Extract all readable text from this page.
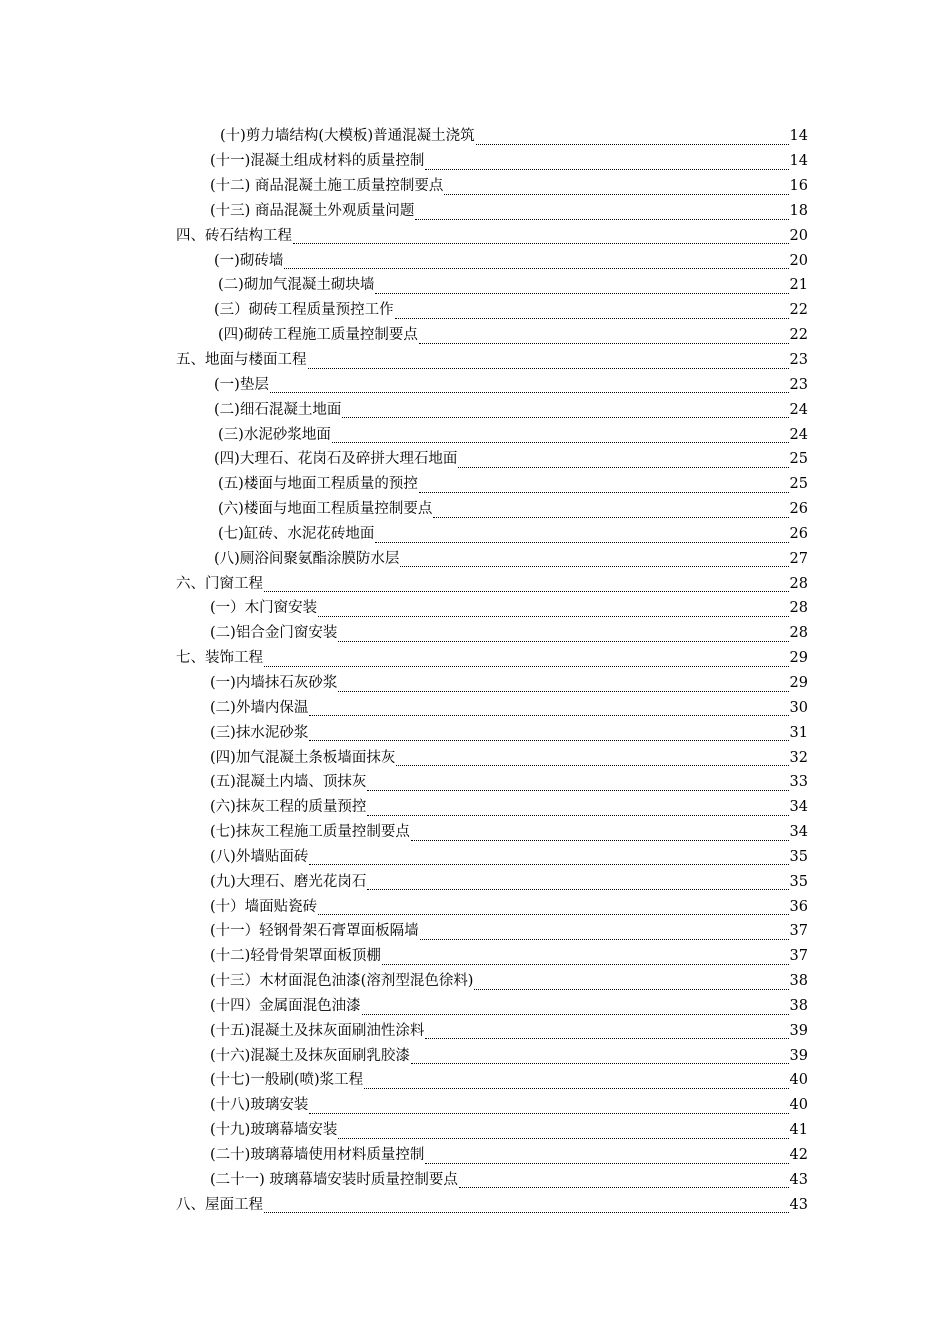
(十)剪力墙结构(大模板)普通混凝土浇筑	14
(十一)混凝土组成材料的质量控制	14
(十二) 商品混凝土施工质量控制要点	16
(十三) 商品混凝土外观质量问题	18
四、砖石结构工程	20
(一)砌砖墙	20
(二)砌加气混凝土砌块墙	21
(三）砌砖工程质量预控工作	22
(四)砌砖工程施工质量控制要点	22
五、地面与楼面工程	23
(一)垫层	23
(二)细石混凝土地面	24
(三)水泥砂浆地面	24
(四)大理石、花岗石及碎拼大理石地面	25
(五)楼面与地面工程质量的预控	25
(六)楼面与地面工程质量控制要点	26
(七)缸砖、水泥花砖地面	26
(八)厕浴间聚氨酯涂膜防水层	27
六、门窗工程	28
(一）木门窗安装	28
(二)铝合金门窗安装	28
七、装饰工程	29
(一)内墙抹石灰砂浆	29
(二)外墙内保温	30
(三)抹水泥砂浆	31
(四)加气混凝土条板墙面抹灰	32
(五)混凝土内墙、顶抹灰	33
(六)抹灰工程的质量预控	34
(七)抹灰工程施工质量控制要点	34
(八)外墙贴面砖	35
(九)大理石、磨光花岗石	35
(十）墙面贴瓷砖	36
(十一）轻钢骨架石膏罩面板隔墙	37
(十二)轻骨骨架罩面板顶棚	37
(十三）木材面混色油漆(溶剂型混色徐料)	38
(十四）金属面混色油漆	38
(十五)混凝土及抹灰面刷油性涂料	39
(十六)混凝土及抹灰面刷乳胶漆	39
(十七)一般刷(喷)浆工程	40
(十八)玻璃安装	40
(十九)玻璃幕墙安装	41
(二十)玻璃幕墙使用材料质量控制	42
(二十一) 玻璃幕墙安装时质量控制要点	43
八、屋面工程	43
